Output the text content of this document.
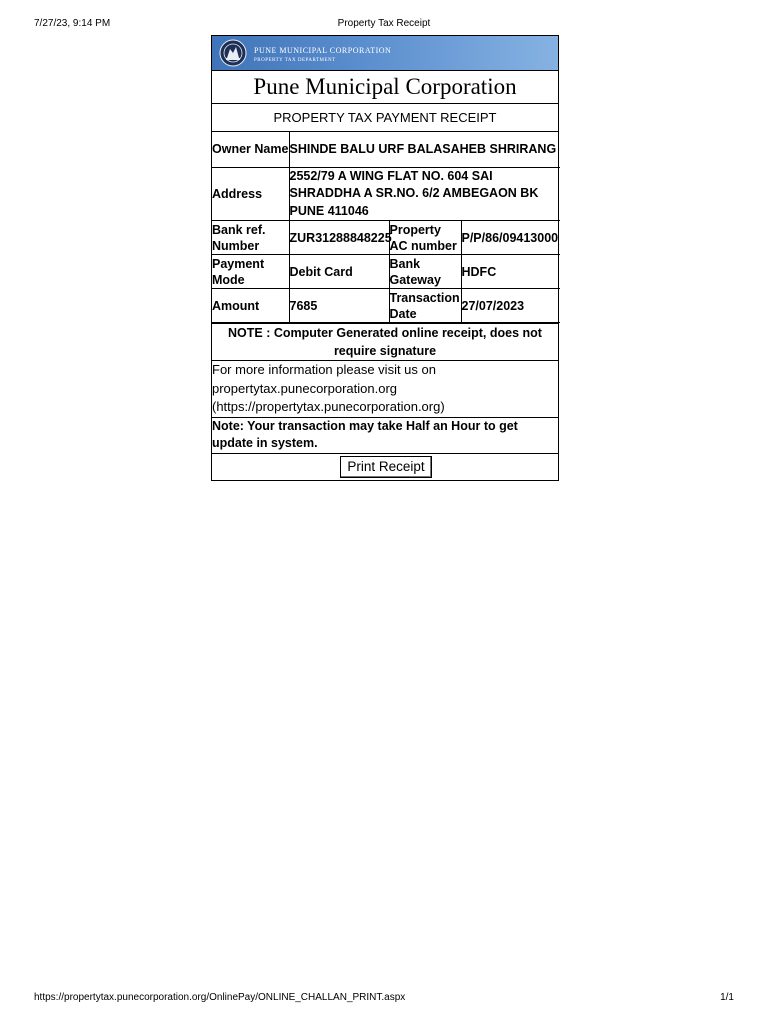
7/27/23, 9:14 PM	Property Tax Receipt
PUNE MUNICIPAL CORPORATION
PROPERTY TAX DEPARTMENT
Pune Municipal Corporation
PROPERTY TAX PAYMENT RECEIPT
Owner Name	SHINDE BALU URF BALASAHEB SHRIRANG		
Address	2552/79 A WING FLAT NO. 604 SAI SHRADDHA A SR.NO. 6/2 AMBEGAON BK PUNE 411046		
Bank ref. Number	ZUR31288848225	Property AC number	P/P/86/09413000
Payment Mode	Debit Card	Bank Gateway	HDFC
Amount	7685	Transaction Date	27/07/2023
NOTE : Computer Generated online receipt, does not require signature
For more information please visit us on propertytax.punecorporation.org (https://propertytax.punecorporation.org)
Note: Your transaction may take Half an Hour to get update in system.
Print Receipt
https://propertytax.punecorporation.org/OnlinePay/ONLINE_CHALLAN_PRINT.aspx	1/1
